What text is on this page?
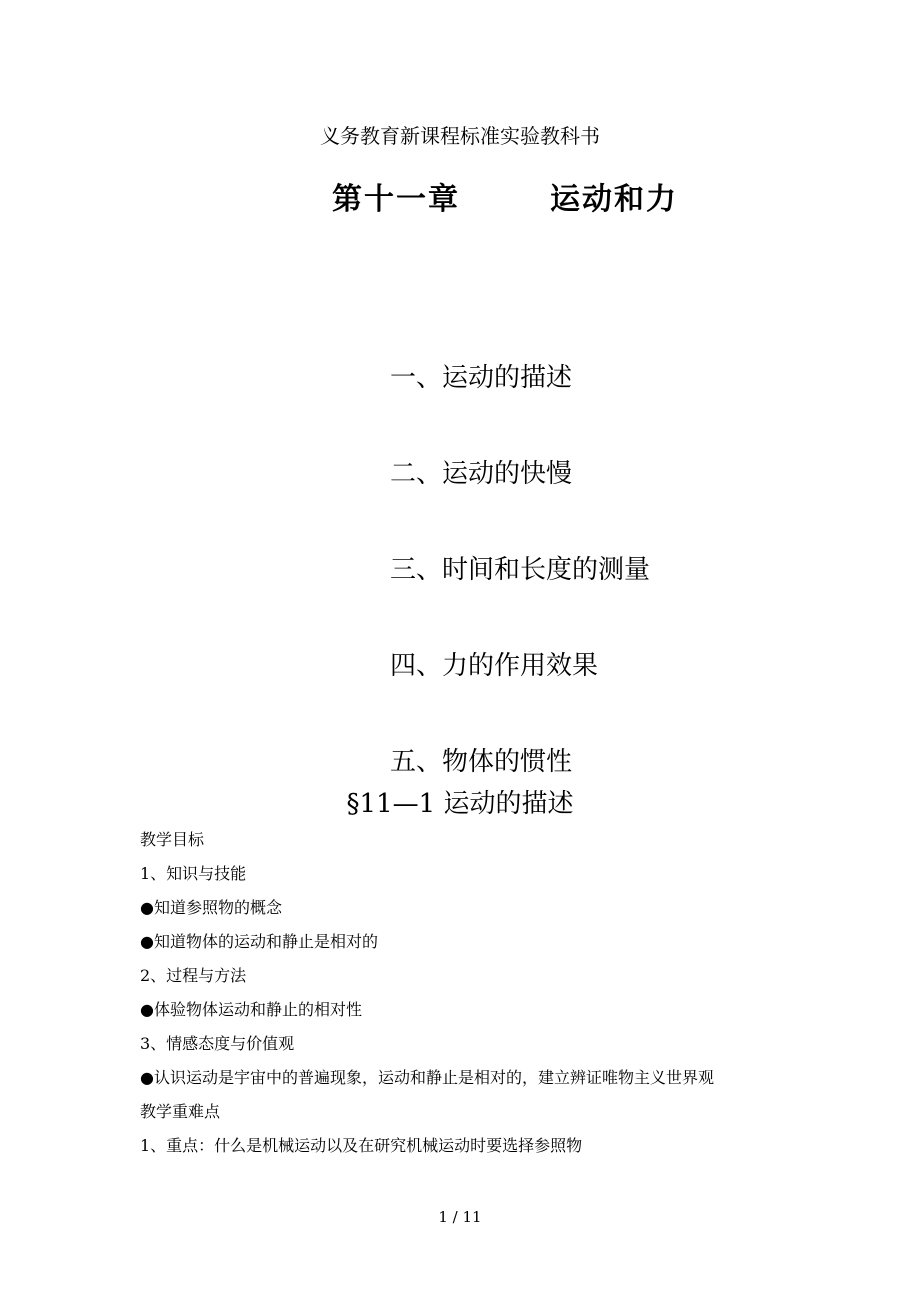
义务教育新课程标准实验教科书
第十一章	运动和力
一、运动的描述
二、运动的快慢
三、时间和长度的测量
四、力的作用效果
五、物体的惯性
§11—1 运动的描述
教学目标
1、知识与技能
●知道参照物的概念
●知道物体的运动和静止是相对的
2、过程与方法
●体验物体运动和静止的相对性
3、情感态度与价值观
●认识运动是宇宙中的普遍现象，运动和静止是相对的，建立辨证唯物主义世界观
教学重难点
1、重点：什么是机械运动以及在研究机械运动时要选择参照物
1 / 11
